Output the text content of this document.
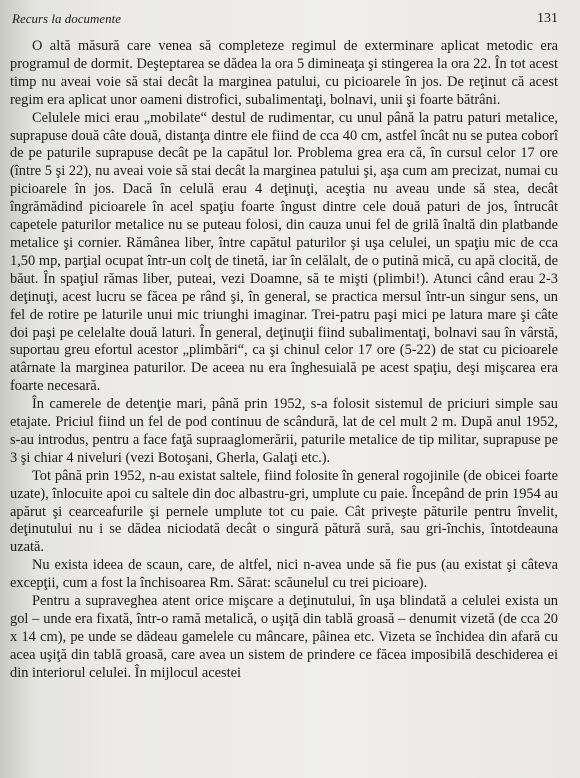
Recurs la documente	131

O altă măsură care venea să completeze regimul de exterminare aplicat metodic era programul de dormit. Deşteptarea se dădea la ora 5 dimineaţa şi stingerea la ora 22. În tot acest timp nu aveai voie să stai decât la marginea patului, cu picioarele în jos. De reţinut că acest regim era aplicat unor oameni distrofici, subalimentaţi, bolnavi, unii şi foarte bătrâni.

Celulele mici erau „mobilate“ destul de rudimentar, cu unul până la patru paturi metalice, suprapuse două câte două, distanţa dintre ele fiind de cca 40 cm, astfel încât nu se putea coborî de pe paturile suprapuse decât pe la capătul lor. Problema grea era că, în cursul celor 17 ore (între 5 şi 22), nu aveai voie să stai decât la marginea patului şi, aşa cum am precizat, numai cu picioarele în jos. Dacă în celulă erau 4 deţinuţi, aceştia nu aveau unde să stea, decât îngrămădind picioarele în acel spaţiu foarte îngust dintre cele două paturi de jos, întrucât capetele paturilor metalice nu se puteau folosi, din cauza unui fel de grilă înaltă din platbande metalice şi cornier. Rămânea liber, între capătul paturilor şi uşa celulei, un spaţiu mic de cca 1,50 mp, parţial ocupat într-un colţ de tinetă, iar în celălalt, de o putină mică, cu apă clocită, de băut. În spaţiul rămas liber, puteai, vezi Doamne, să te mişti (plimbi!). Atunci când erau 2-3 deţinuţi, acest lucru se făcea pe rând şi, în general, se practica mersul într-un singur sens, un fel de rotire pe laturile unui mic triunghi imaginar. Trei-patru paşi mici pe latura mare şi câte doi paşi pe celelalte două laturi. În general, deţinuţii fiind subalimentaţi, bolnavi sau în vârstă, suportau greu efortul acestor „plimbări“, ca şi chinul celor 17 ore (5-22) de stat cu picioarele atârnate la marginea paturilor. De aceea nu era înghesuială pe acest spaţiu, deşi mişcarea era foarte necesară.

În camerele de detenţie mari, până prin 1952, s-a folosit sistemul de priciuri simple sau etajate. Priciul fiind un fel de pod continuu de scândură, lat de cel mult 2 m. După anul 1952, s-au introdus, pentru a face faţă supraaglomerării, paturile metalice de tip militar, suprapuse pe 3 şi chiar 4 niveluri (vezi Botoşani, Gherla, Galaţi etc.).

Tot până prin 1952, n-au existat saltele, fiind folosite în general rogojinile (de obicei foarte uzate), înlocuite apoi cu saltele din doc albastru-gri, umplute cu paie. Începând de prin 1954 au apărut şi cearceafurile şi pernele umplute tot cu paie. Cât priveşte păturile pentru învelit, deţinutului nu i se dădea niciodată decât o singură pătură sură, sau gri-închis, întotdeauna uzată.

Nu exista ideea de scaun, care, de altfel, nici n-avea unde să fie pus (au existat şi câteva excepţii, cum a fost la închisoarea Rm. Sărat: scăunelul cu trei picioare).

Pentru a supraveghea atent orice mişcare a deţinutului, în uşa blindată a celulei exista un gol – unde era fixată, într-o ramă metalică, o uşiţă din tablă groasă – denumit vizetă (de cca 20 x 14 cm), pe unde se dădeau gamelele cu mâncare, pâinea etc. Vizeta se închidea din afară cu acea uşiţă din tablă groasă, care avea un sistem de prindere ce făcea imposibilă deschiderea ei din interiorul celulei. În mijlocul acestei
